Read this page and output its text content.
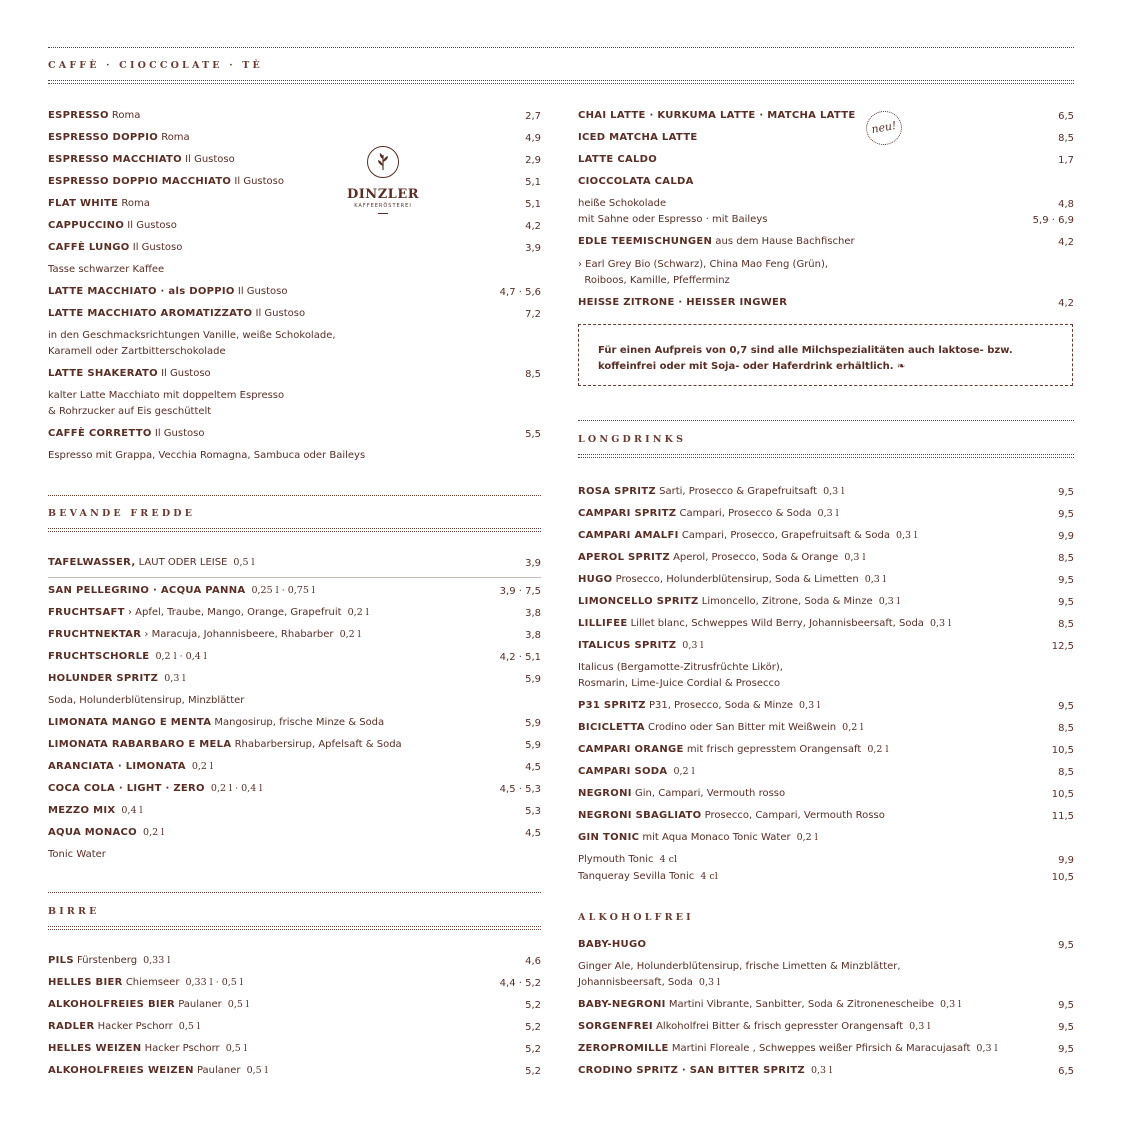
CAFFÈ · CIOCCOLATE · TÈ
BEVANDE FREDDE
BIRRE
LONGDRINKS
ALKOHOLFREI
DINZLER
KAFFEERÖSTEREI
neu!
Für einen Aufpreis von 0,7 sind alle Milchspezialitäten auch laktose- bzw. koffeinfrei oder mit Soja- oder Haferdrink erhältlich. ❧
ESPRESSO Roma	2,7
ESPRESSO DOPPIO Roma	4,9
ESPRESSO MACCHIATO Il Gustoso	2,9
ESPRESSO DOPPIO MACCHIATO Il Gustoso	5,1
FLAT WHITE Roma	5,1
CAPPUCCINO Il Gustoso	4,2
CAFFÈ LUNGO Il Gustoso	3,9
Tasse schwarzer Kaffee
LATTE MACCHIATO · als DOPPIO Il Gustoso	4,7 · 5,6
LATTE MACCHIATO AROMATIZZATO Il Gustoso	7,2
in den Geschmacksrichtungen Vanille, weiße Schokolade,
Karamell oder Zartbitterschokolade
LATTE SHAKERATO Il Gustoso	8,5
kalter Latte Macchiato mit doppeltem Espresso
& Rohrzucker auf Eis geschüttelt
CAFFÈ CORRETTO Il Gustoso	5,5
Espresso mit Grappa, Vecchia Romagna, Sambuca oder Baileys
TAFELWASSER, LAUT ODER LEISE  0,5 l	3,9
SAN PELLEGRINO · ACQUA PANNA  0,25 l · 0,75 l	3,9 · 7,5
FRUCHTSAFT › Apfel, Traube, Mango, Orange, Grapefruit  0,2 l	3,8
FRUCHTNEKTAR › Maracuja, Johannisbeere, Rhabarber  0,2 l	3,8
FRUCHTSCHORLE  0,2 l · 0,4 l	4,2 · 5,1
HOLUNDER SPRITZ  0,3 l	5,9
Soda, Holunderblütensirup, Minzblätter
LIMONATA MANGO E MENTA Mangosirup, frische Minze & Soda	5,9
LIMONATA RABARBARO E MELA Rhabarbersirup, Apfelsaft & Soda	5,9
ARANCIATA · LIMONATA  0,2 l	4,5
COCA COLA · LIGHT · ZERO  0,2 l · 0,4 l	4,5 · 5,3
MEZZO MIX  0,4 l	5,3
AQUA MONACO  0,2 l	4,5
Tonic Water
PILS Fürstenberg  0,33 l	4,6
HELLES BIER Chiemseer  0,33 l · 0,5 l	4,4 · 5,2
ALKOHOLFREIES BIER Paulaner  0,5 l	5,2
RADLER Hacker Pschorr  0,5 l	5,2
HELLES WEIZEN Hacker Pschorr  0,5 l	5,2
ALKOHOLFREIES WEIZEN Paulaner  0,5 l	5,2
CHAI LATTE · KURKUMA LATTE · MATCHA LATTE	6,5
ICED MATCHA LATTE	8,5
LATTE CALDO	1,7
CIOCCOLATA CALDA
heiße Schokolade	4,8
mit Sahne oder Espresso · mit Baileys	5,9 · 6,9
EDLE TEEMISCHUNGEN aus dem Hause Bachfischer	4,2
› Earl Grey Bio (Schwarz), China Mao Feng (Grün),
Roiboos, Kamille, Pfefferminz
HEISSE ZITRONE · HEISSER INGWER	4,2
ROSA SPRITZ Sarti, Prosecco & Grapefruitsaft  0,3 l	9,5
CAMPARI SPRITZ Campari, Prosecco & Soda  0,3 l	9,5
CAMPARI AMALFI Campari, Prosecco, Grapefruitsaft & Soda  0,3 l	9,9
APEROL SPRITZ Aperol, Prosecco, Soda & Orange  0,3 l	8,5
HUGO Prosecco, Holunderblütensirup, Soda & Limetten  0,3 l	9,5
LIMONCELLO SPRITZ Limoncello, Zitrone, Soda & Minze  0,3 l	9,5
LILLIFEE Lillet blanc, Schweppes Wild Berry, Johannisbeersaft, Soda  0,3 l	8,5
ITALICUS SPRITZ  0,3 l	12,5
Italicus (Bergamotte-Zitrusfrüchte Likör),
Rosmarin, Lime-Juice Cordial & Prosecco
P31 SPRITZ P31, Prosecco, Soda & Minze  0,3 l	9,5
BICICLETTA Crodino oder San Bitter mit Weißwein  0,2 l	8,5
CAMPARI ORANGE mit frisch gepresstem Orangensaft  0,2 l	10,5
CAMPARI SODA  0,2 l	8,5
NEGRONI Gin, Campari, Vermouth rosso	10,5
NEGRONI SBAGLIATO Prosecco, Campari, Vermouth Rosso	11,5
GIN TONIC mit Aqua Monaco Tonic Water  0,2 l
Plymouth Tonic  4 cl	9,9
Tanqueray Sevilla Tonic  4 cl	10,5
BABY-HUGO	9,5
Ginger Ale, Holunderblütensirup, frische Limetten & Minzblätter,
Johannisbeersaft, Soda  0,3 l
BABY-NEGRONI Martini Vibrante, Sanbitter, Soda & Zitronenescheibe  0,3 l	9,5
SORGENFREI Alkoholfrei Bitter & frisch gepresster Orangensaft  0,3 l	9,5
ZEROPROMILLE Martini Floreale , Schweppes weißer Pfirsich & Maracujasaft  0,3 l	9,5
CRODINO SPRITZ · SAN BITTER SPRITZ  0,3 l	6,5
